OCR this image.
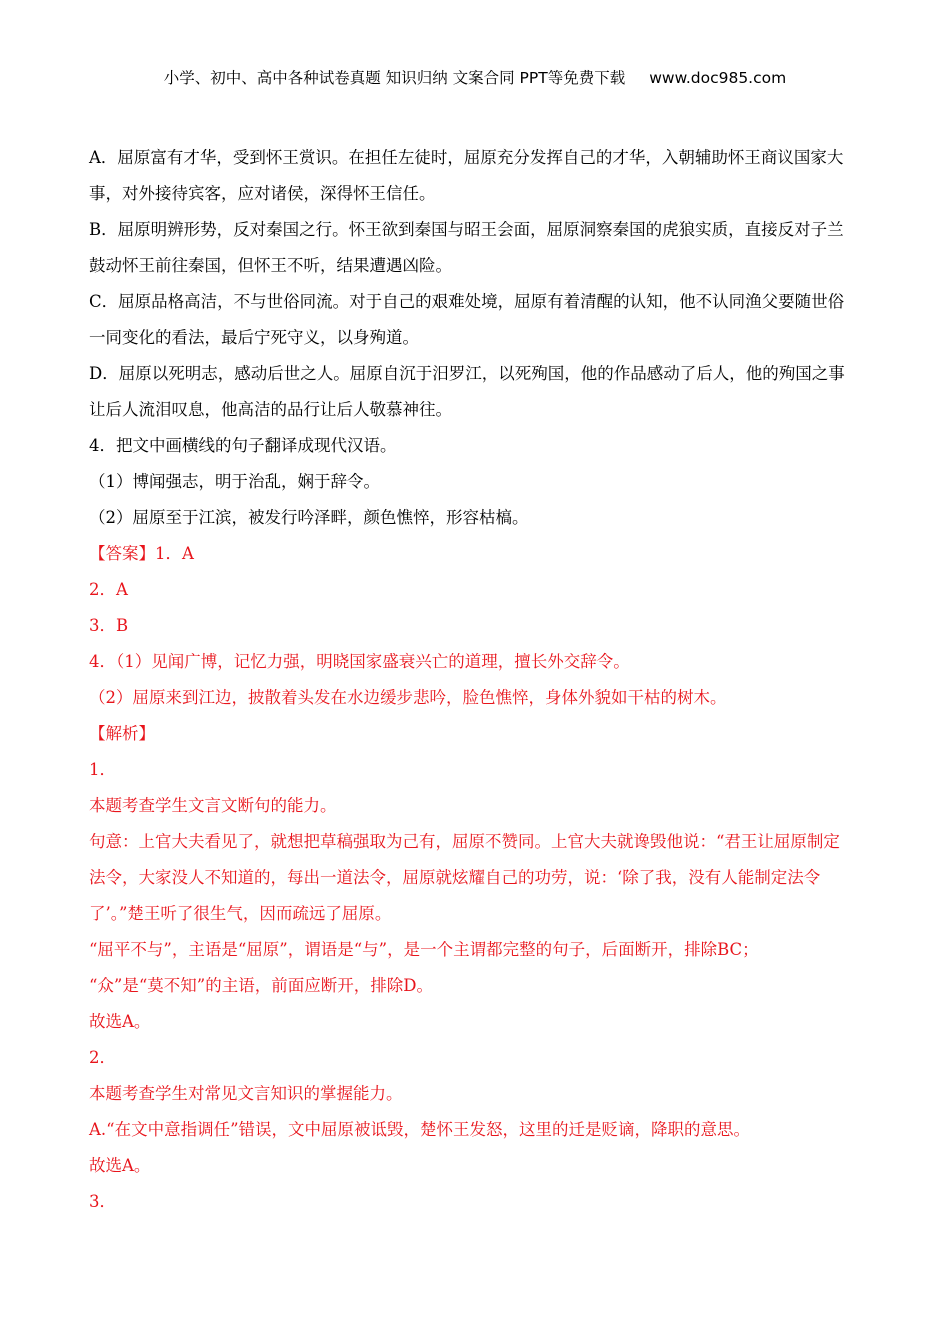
小学、初中、高中各种试卷真题 知识归纳 文案合同 PPT等免费下载 www.doc985.com
A．屈原富有才华，受到怀王赏识。在担任左徒时，屈原充分发挥自己的才华，入朝辅助怀王商议国家大
事，对外接待宾客，应对诸侯，深得怀王信任。
B．屈原明辨形势，反对秦国之行。怀王欲到秦国与昭王会面，屈原洞察秦国的虎狼实质，直接反对子兰
鼓动怀王前往秦国，但怀王不听，结果遭遇凶险。
C．屈原品格高洁，不与世俗同流。对于自己的艰难处境，屈原有着清醒的认知，他不认同渔父要随世俗
一同变化的看法，最后宁死守义，以身殉道。
D．屈原以死明志，感动后世之人。屈原自沉于汨罗江，以死殉国，他的作品感动了后人，他的殉国之事
让后人流泪叹息，他高洁的品行让后人敬慕神往。
4．把文中画横线的句子翻译成现代汉语。
（1）博闻强志，明于治乱，娴于辞令。
（2）屈原至于江滨，被发行吟泽畔，颜色憔悴，形容枯槁。
【答案】1．A
2．A
3．B
4．（1）见闻广博，记忆力强，明晓国家盛衰兴亡的道理，擅长外交辞令。
（2）屈原来到江边，披散着头发在水边缓步悲吟，脸色憔悴，身体外貌如干枯的树木。
【解析】
1．
本题考查学生文言文断句的能力。
句意：上官大夫看见了，就想把草稿强取为己有，屈原不赞同。上官大夫就谗毁他说：“君王让屈原制定
法令，大家没人不知道的，每出一道法令，屈原就炫耀自己的功劳，说：‘除了我，没有人能制定法令
了’。”楚王听了很生气，因而疏远了屈原。
“屈平不与”，主语是“屈原”，谓语是“与”，是一个主谓都完整的句子，后面断开，排除BC；
“众”是“莫不知”的主语，前面应断开，排除D。
故选A。
2．
本题考查学生对常见文言知识的掌握能力。
A.“在文中意指调任”错误，文中屈原被诋毁，楚怀王发怒，这里的迁是贬谪，降职的意思。
故选A。
3．
